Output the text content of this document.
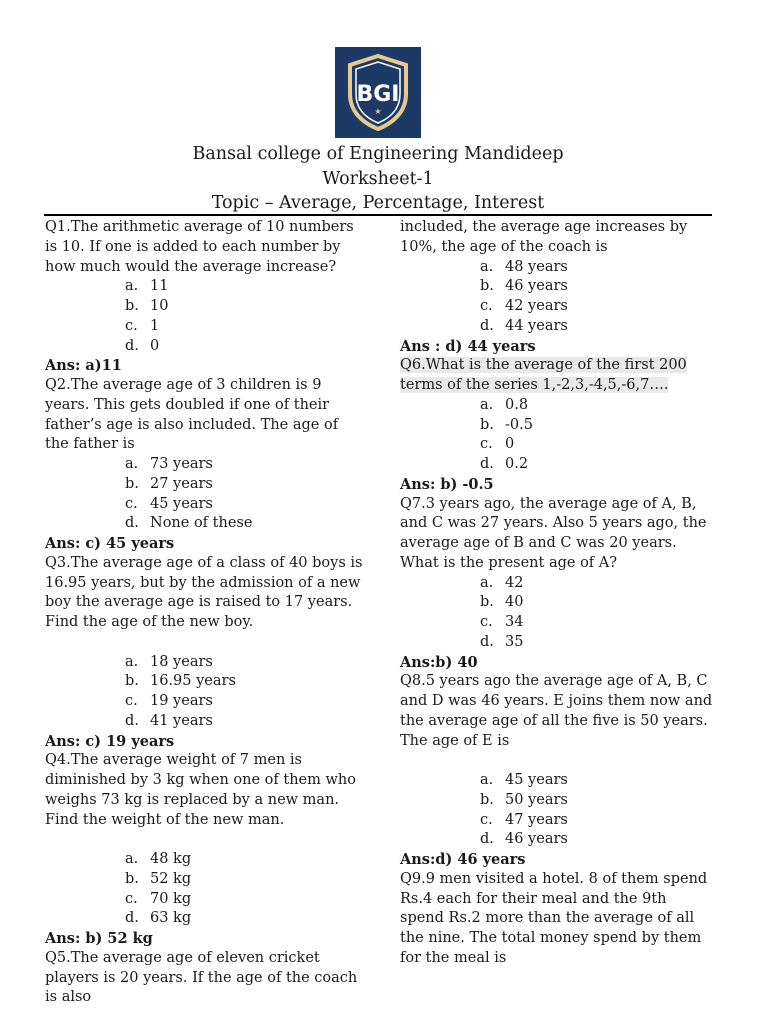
BGI
★
Bansal college of Engineering Mandideep
Worksheet-1
Topic – Average, Percentage, Interest

Q1.The arithmetic average of 10 numbers is 10. If one is added to each number by how much would the average increase?

a. 11
b. 10
c. 1
d. 0
Ans: a)11

Q2.The average age of 3 children is 9 years. This gets doubled if one of their father’s age is also included. The age of the father is

a. 73 years
b. 27 years
c. 45 years
d. None of these
Ans: c) 45 years

Q3.The average age of a class of 40 boys is 16.95 years, but by the admission of a new boy the average age is raised to 17 years. Find the age of the new boy.

a. 18 years
b. 16.95 years
c. 19 years
d. 41 years
Ans: c) 19 years

Q4.The average weight of 7 men is diminished by 3 kg when one of them who weighs 73 kg is replaced by a new man. Find the weight of the new man.

a. 48 kg
b. 52 kg
c. 70 kg
d. 63 kg
Ans: b) 52 kg

Q5.The average age of eleven cricket players is 20 years. If the age of the coach is also

included, the average age increases by 10%, the age of the coach is

a. 48 years
b. 46 years
c. 42 years
d. 44 years
Ans : d) 44 years

Q6.What is the average of the first 200 terms of the series 1,-2,3,-4,5,-6,7….

a. 0.8
b. -0.5
c. 0
d. 0.2
Ans: b) -0.5

Q7.3 years ago, the average age of A, B, and C was 27 years. Also 5 years ago, the average age of B and C was 20 years. What is the present age of A?

a. 42
b. 40
c. 34
d. 35
Ans:b) 40

Q8.5 years ago the average age of A, B, C and D was 46 years. E joins them now and the average age of all the five is 50 years. The age of E is

a. 45 years
b. 50 years
c. 47 years
d. 46 years
Ans:d) 46 years

Q9.9 men visited a hotel. 8 of them spend Rs.4 each for their meal and the 9th spend Rs.2 more than the average of all the nine. The total money spend by them for the meal is
